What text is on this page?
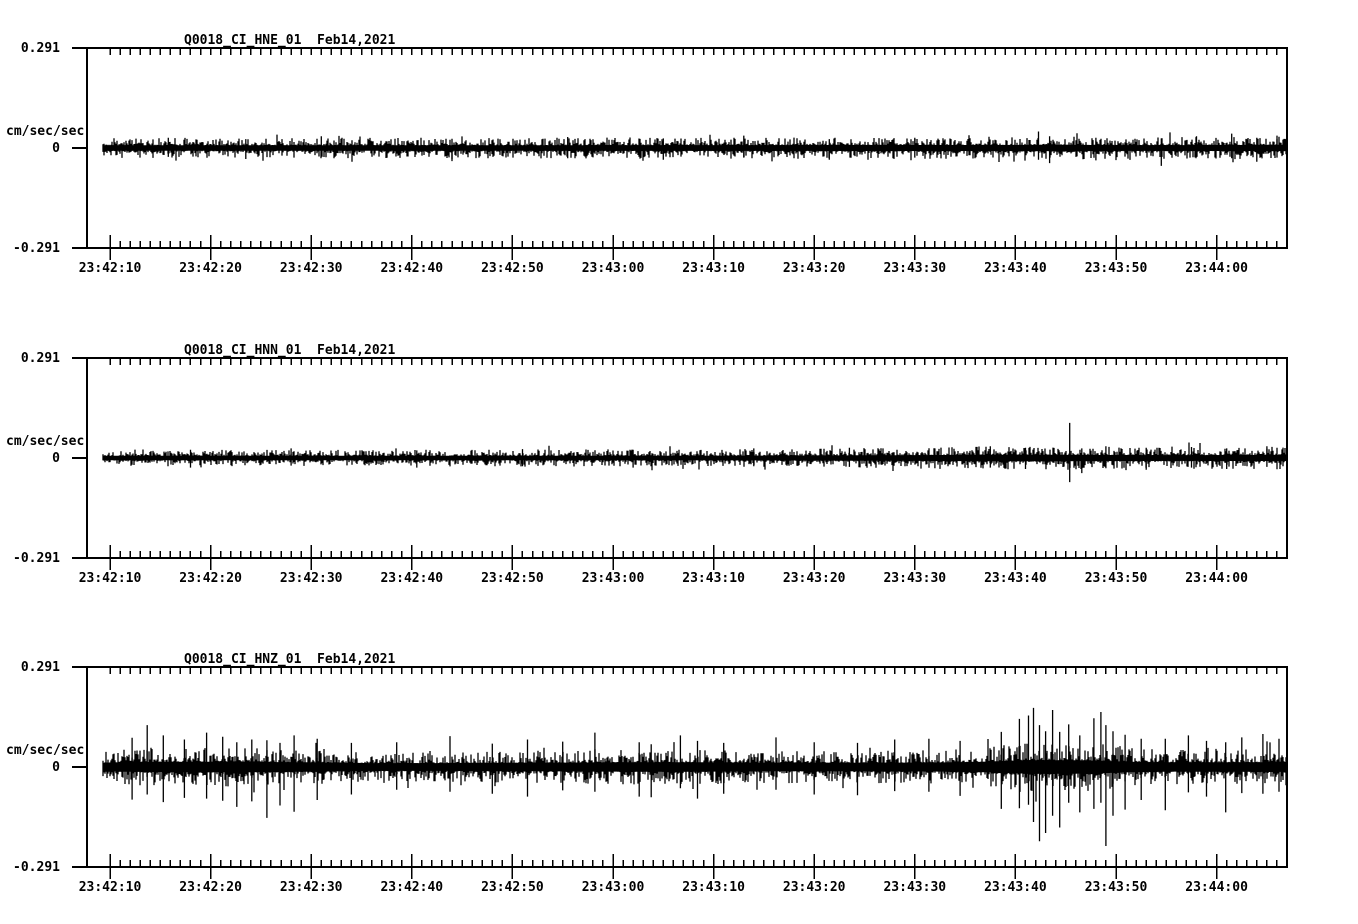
Q0018_CI_HNE_01  Feb14,2021
0.291
cm/sec/sec
0
-0.291
Q0018_CI_HNN_01  Feb14,2021
0.291
cm/sec/sec
0
-0.291
Q0018_CI_HNZ_01  Feb14,2021
0.291
cm/sec/sec
0
-0.291
23:42:10	23:42:20	23:42:30	23:42:40	23:42:50	23:43:00	23:43:10	23:43:20	23:43:30	23:43:40	23:43:50	23:44:00
23:42:10	23:42:20	23:42:30	23:42:40	23:42:50	23:43:00	23:43:10	23:43:20	23:43:30	23:43:40	23:43:50	23:44:00
23:42:10	23:42:20	23:42:30	23:42:40	23:42:50	23:43:00	23:43:10	23:43:20	23:43:30	23:43:40	23:43:50	23:44:00
